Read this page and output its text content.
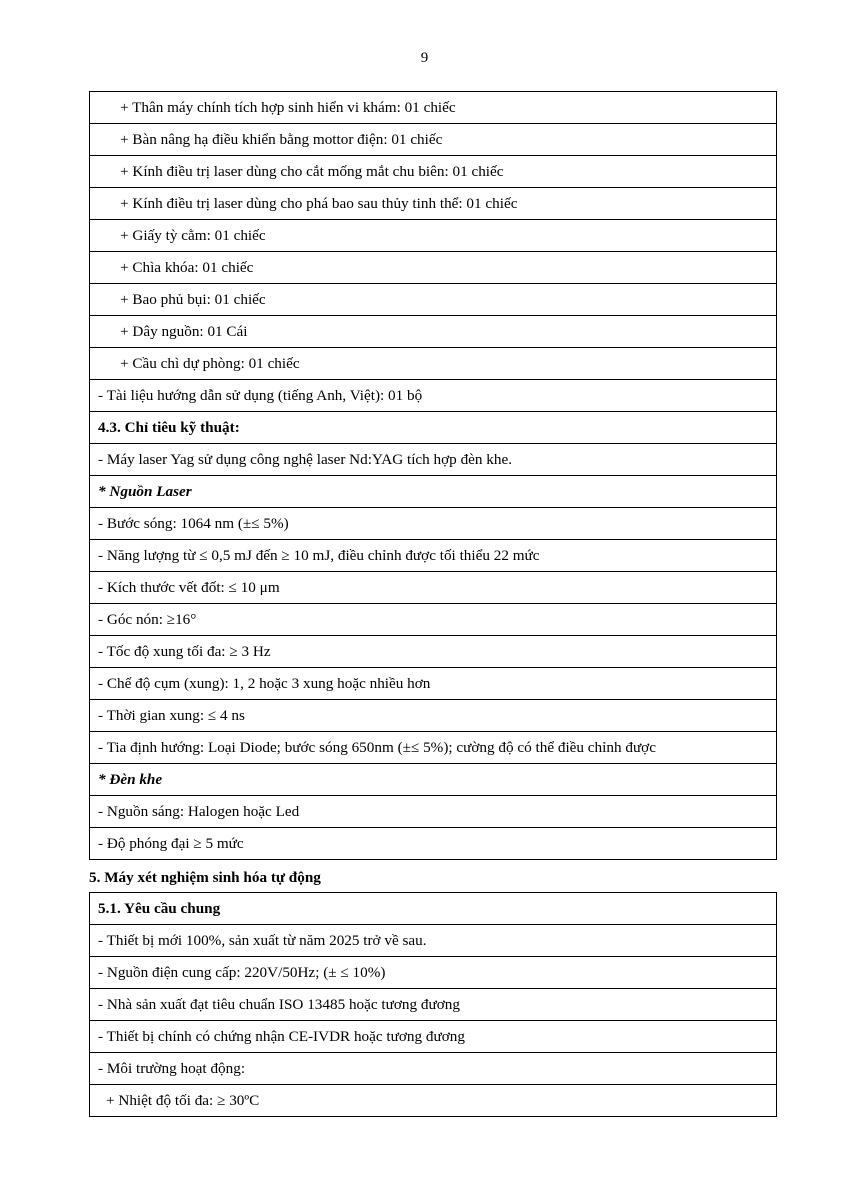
9
+ Thân máy chính tích hợp sinh hiển vi khám: 01 chiếc
+ Bàn nâng hạ điều khiển bằng mottor điện: 01 chiếc
+ Kính điều trị laser dùng cho cắt mống mắt chu biên: 01 chiếc
+ Kính điều trị laser dùng cho phá bao sau thủy tinh thể: 01 chiếc
+ Giấy tỳ cằm: 01 chiếc
+ Chìa khóa: 01 chiếc
+ Bao phủ bụi: 01 chiếc
+ Dây nguồn: 01 Cái
+ Cầu chì dự phòng: 01 chiếc
- Tài liệu hướng dẫn sử dụng (tiếng Anh, Việt): 01 bộ
4.3. Chỉ tiêu kỹ thuật:
- Máy laser Yag sử dụng công nghệ laser Nd:YAG tích hợp đèn khe.
* Nguồn Laser
- Bước sóng: 1064 nm (±≤ 5%)
- Năng lượng từ ≤ 0,5 mJ đến ≥ 10 mJ, điều chỉnh được tối thiểu 22 mức
- Kích thước vết đốt: ≤ 10 μm
- Góc nón: ≥16°
- Tốc độ xung tối đa: ≥ 3 Hz
- Chế độ cụm (xung): 1, 2 hoặc 3 xung hoặc nhiều hơn
- Thời gian xung: ≤ 4 ns
- Tia định hướng: Loại Diode; bước sóng 650nm (±≤ 5%); cường độ có thể điều chỉnh được
* Đèn khe
- Nguồn sáng: Halogen hoặc Led
- Độ phóng đại ≥ 5 mức
5. Máy xét nghiệm sinh hóa tự động
5.1. Yêu cầu chung
- Thiết bị mới 100%, sản xuất từ năm 2025 trở về sau.
- Nguồn điện cung cấp: 220V/50Hz; (± ≤ 10%)
- Nhà sản xuất đạt tiêu chuẩn ISO 13485 hoặc tương đương
- Thiết bị chính có chứng nhận CE-IVDR hoặc tương đương
- Môi trường hoạt động:
+ Nhiệt độ tối đa: ≥ 30ºC
